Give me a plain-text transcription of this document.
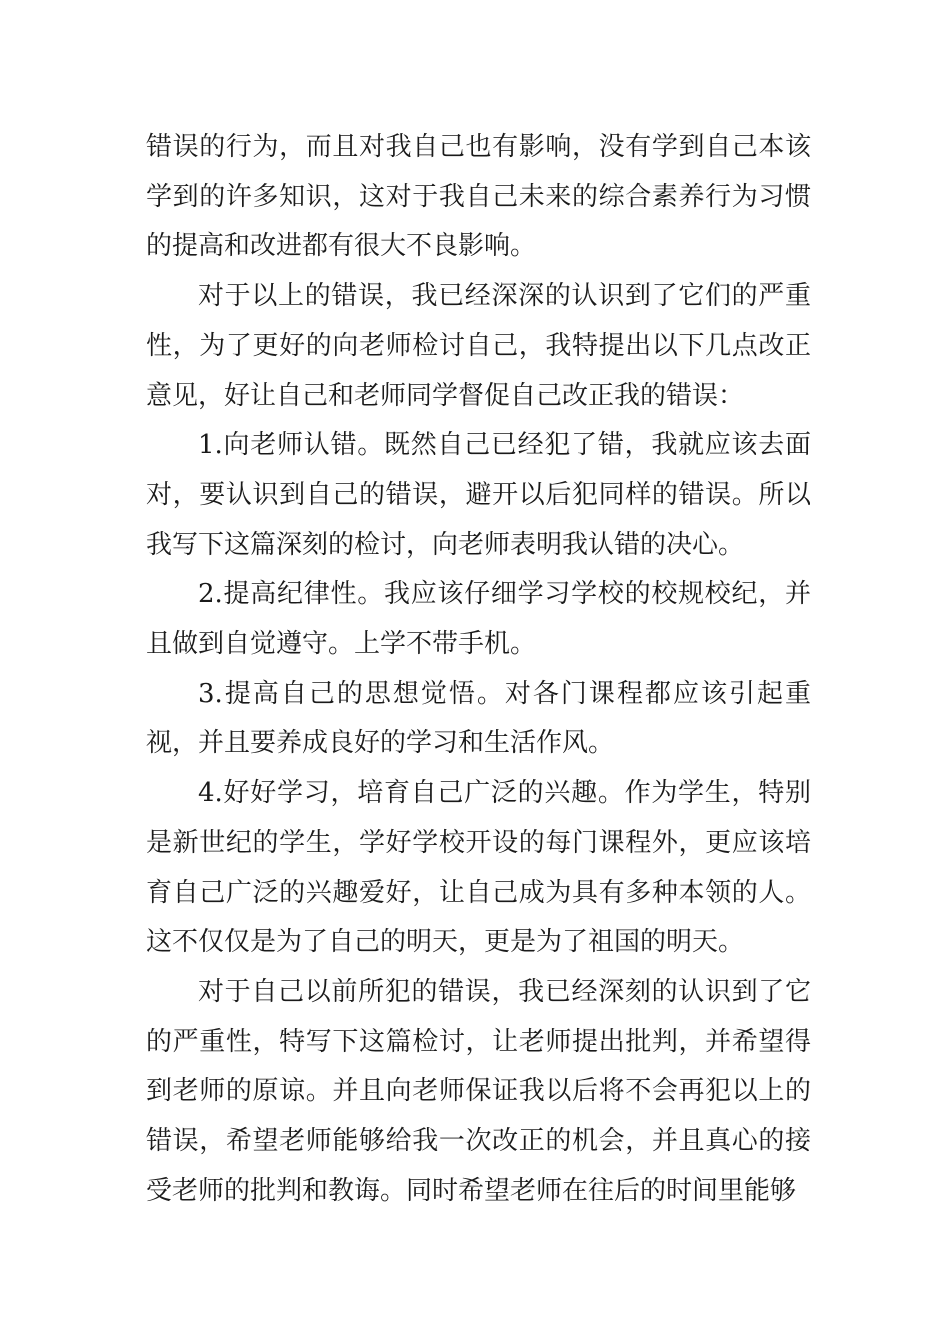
错误的行为，而且对我自己也有影响，没有学到自己本该学到的许多知识，这对于我自己未来的综合素养行为习惯的提高和改进都有很大不良影响。

对于以上的错误，我已经深深的认识到了它们的严重性，为了更好的向老师检讨自己，我特提出以下几点改正意见，好让自己和老师同学督促自己改正我的错误：

1.向老师认错。既然自己已经犯了错，我就应该去面对，要认识到自己的错误，避开以后犯同样的错误。所以我写下这篇深刻的检讨，向老师表明我认错的决心。

2.提高纪律性。我应该仔细学习学校的校规校纪，并且做到自觉遵守。上学不带手机。

3.提高自己的思想觉悟。对各门课程都应该引起重视，并且要养成良好的学习和生活作风。

4.好好学习，培育自己广泛的兴趣。作为学生，特别是新世纪的学生，学好学校开设的每门课程外，更应该培育自己广泛的兴趣爱好，让自己成为具有多种本领的人。这不仅仅是为了自己的明天，更是为了祖国的明天。

对于自己以前所犯的错误，我已经深刻的认识到了它的严重性，特写下这篇检讨，让老师提出批判，并希望得到老师的原谅。并且向老师保证我以后将不会再犯以上的错误，希望老师能够给我一次改正的机会，并且真心的接受老师的批判和教诲。同时希望老师在往后的时间里能够
